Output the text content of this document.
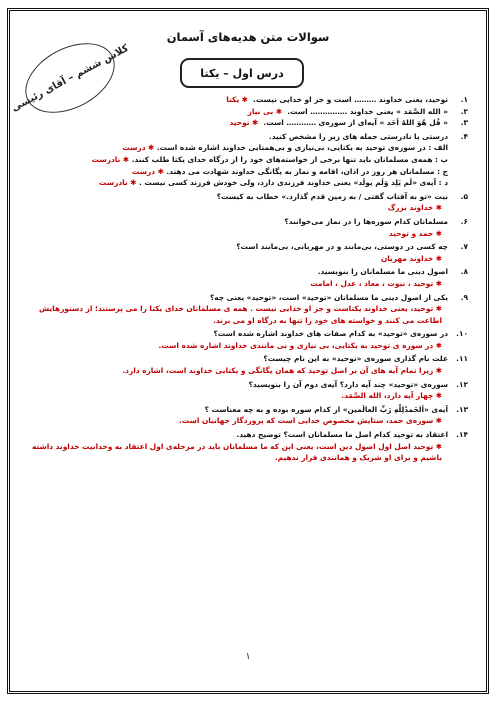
سوالات متن هدیه‌های آسمان
درس اول – یکتا
کلاس ششم – آقای رئیسی	۱.
توحید، یعنی خداوند ……… است و جز او خدایی نیست.  ✱ یکتا
۲.
« الله الصَّمَد » یعنی خداوند …………… است.  ✱ بی نیاز
۳.
« قُل هُوَ اللهُ اَحَد » آیه‌ای از سوره‌ی ………… است.  ✱ توحید
۴.
درستی یا نادرستی جمله های زیر را مشخص کنید.
الف : در سوره‌ی توحید به یکتایی، بی‌نیازی و بی‌همتایی خداوند اشاره شده است. ✱ درست
ب : همه‌ی مسلمانان باید تنها برخی از خواسته‌های خود را از درگاه خدای یکتا طلب کنند. ✱ نادرست
ج : مسلمانان هر روز در اذان، اقامه و نماز به یگانگی خداوند شهادت می دهند. ✱ درست
د : آیه‌ی «لَم یَلِد وَلَم یولَد» یعنی خداوند فرزندی دارد، ولی خودش فرزند کسی نیست . ✱ نادرست
۵.
بیت «تو به آفتاب گفتی / به زمین قدم گذارد.» خطاب به کیست؟
✱ خداوند بزرگ
۶.
مسلمانان کدام سوره‌ها را در نماز می‌خوانند؟
✱ حمد و توحید
۷.
چه کسی در دوستی، بی‌مانند و در مهربانی، بی‌مانند است؟
✱ خداوند مهربان
۸.
اصول دینی ما مسلمانان را بنویسید.
✱ توحید ، نبوت ، معاد ، عدل ، امامت
۹.
یکی از اصول دینی ما مسلمانان «توحید» است، «توحید» یعنی چه؟
✱ توحید، یعنی خداوند یکتاست و جز او خدایی نیست . همه ی مسلمانان خدای یکتا را می پرستند؛ از دستورهایش اطاعت می کنند و خواسته های خود را تنها به درگاه او می برند.
۱۰.
در سوره‌ی «توحید» به کدام صفات های خداوند اشاره شده است؟
✱ در سوره ی توحید به یکتایی، بی نیازی و بی مانندی خداوند اشاره شده است.
۱۱.
علت نام گذاری سوره‌ی «توحید» به این نام چیست؟
✱ زیرا تمام آیه های آن بر اصل توحید که همان یگانگی و یکتایی خداوند است، اشاره دارد.
۱۲.
سوره‌ی «توحید» چند آیه دارد؟ آیه‌ی دوم آن را بنویسید؟
✱ چهار آیه دارد، الله الصَّمَد.
۱۳.
آیه‌ی «اَلحَمدُلِلّهِ رَبِّ العالَمین» از کدام سوره بوده و به چه معناست ؟
✱ سوره‌ی حمد، ستایش مخصوص خدایی است که پروردگار جهانیان است.
۱۴.
اعتقاد به توحید کدام اصل ما مسلمانان است؟ توضیح دهید.
✱ توحید اصل اول اصول دین است، یعنی این که ما مسلمانان باید در مرحله‌ی اول اعتقاد به وحدانیت خداوند داشته باشیم و برای او شریک و همانندی قرار ندهیم.
۱
